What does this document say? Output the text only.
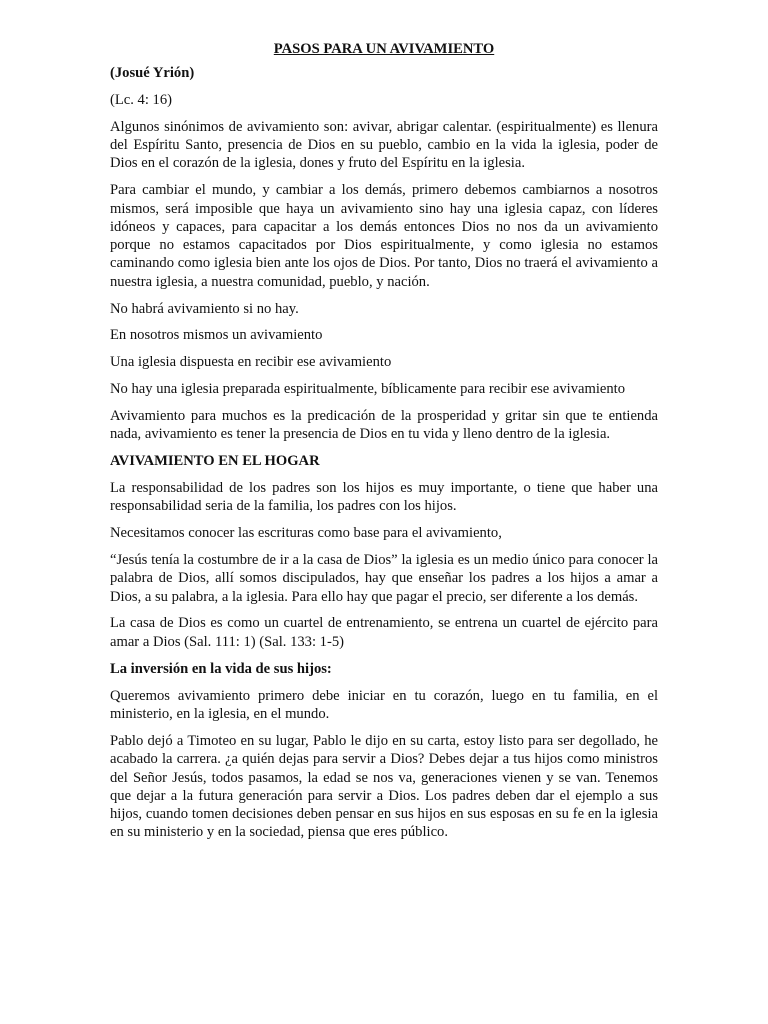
PASOS PARA UN AVIVAMIENTO

(Josué Yrión)

(Lc. 4: 16)

Algunos sinónimos de avivamiento son: avivar, abrigar calentar. (espiritualmente) es llenura del Espíritu Santo, presencia de Dios en su pueblo, cambio en la vida la iglesia, poder de Dios en el corazón de la iglesia, dones y fruto del Espíritu en la iglesia.

Para cambiar el mundo, y cambiar a los demás, primero debemos cambiarnos a nosotros mismos, será imposible que haya un avivamiento sino hay una iglesia capaz, con líderes idóneos y capaces, para capacitar a los demás entonces Dios no nos da un avivamiento porque no estamos capacitados por Dios espiritualmente, y como iglesia no estamos caminando como iglesia bien ante los ojos de Dios. Por tanto, Dios no traerá el avivamiento a nuestra iglesia, a nuestra comunidad, pueblo, y nación.

No habrá avivamiento si no hay.

En nosotros mismos un avivamiento

Una iglesia dispuesta en recibir ese avivamiento

No hay una iglesia preparada espiritualmente, bíblicamente para recibir ese avivamiento

Avivamiento para muchos es la predicación de la prosperidad y gritar sin que te entienda nada, avivamiento es tener la presencia de Dios en tu vida y lleno dentro de la iglesia.

AVIVAMIENTO EN EL HOGAR

La responsabilidad de los padres son los hijos es muy importante, o tiene que haber una responsabilidad seria de la familia, los padres con los hijos.

Necesitamos conocer las escrituras como base para el avivamiento,

“Jesús tenía la costumbre de ir a la casa de Dios” la iglesia es un medio único para conocer la palabra de Dios, allí somos discipulados, hay que enseñar los padres a los hijos a amar a Dios, a su palabra, a la iglesia. Para ello hay que pagar el precio, ser diferente a los demás.

La casa de Dios es como un cuartel de entrenamiento, se entrena un cuartel de ejército para amar a Dios (Sal. 111: 1) (Sal. 133: 1-5)

La inversión en la vida de sus hijos:

Queremos avivamiento primero debe iniciar en tu corazón, luego en tu familia, en el ministerio, en la iglesia, en el mundo.

Pablo dejó a Timoteo en su lugar, Pablo le dijo en su carta, estoy listo para ser degollado, he acabado la carrera. ¿a quién dejas para servir a Dios? Debes dejar a tus hijos como ministros del Señor Jesús, todos pasamos, la edad se nos va, generaciones vienen y se van. Tenemos que dejar a la futura generación para servir a Dios. Los padres deben dar el ejemplo a sus hijos, cuando tomen decisiones deben pensar en sus hijos en sus esposas en su fe en la iglesia en su ministerio y en la sociedad, piensa que eres público.
